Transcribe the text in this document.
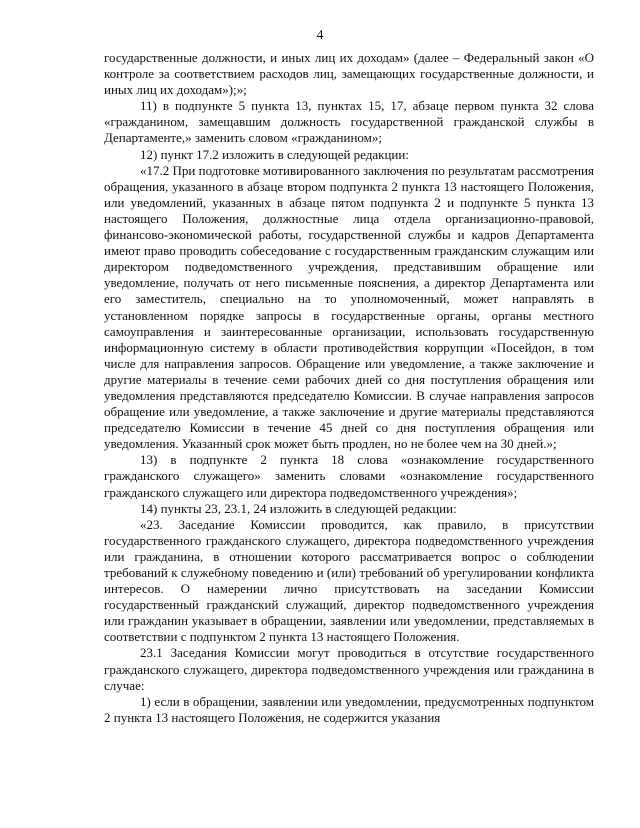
4

государственные должности, и иных лиц их доходам» (далее – Федеральный закон «О контроле за соответствием расходов лиц, замещающих государственные должности, и иных лиц их доходам»);»;

11) в подпункте 5 пункта 13, пунктах 15, 17, абзаце первом пункта 32 слова «гражданином, замещавшим должность государственной гражданской службы в Департаменте,» заменить словом «гражданином»;

12) пункт 17.2 изложить в следующей редакции:

«17.2 При подготовке мотивированного заключения по результатам рассмотрения обращения, указанного в абзаце втором подпункта 2 пункта 13 настоящего Положения, или уведомлений, указанных в абзаце пятом подпункта 2 и подпункте 5 пункта 13 настоящего Положения, должностные лица отдела организационно-правовой, финансово-экономической работы, государственной службы и кадров Департамента имеют право проводить собеседование с государственным гражданским служащим или директором подведомственного учреждения, представившим обращение или уведомление, получать от него письменные пояснения, а директор Департамента или его заместитель, специально на то уполномоченный, может направлять в установленном порядке запросы в государственные органы, органы местного самоуправления и заинтересованные организации, использовать государственную информационную систему в области противодействия коррупции «Посейдон, в том числе для направления запросов. Обращение или уведомление, а также заключение и другие материалы в течение семи рабочих дней со дня поступления обращения или уведомления представляются председателю Комиссии. В случае направления запросов обращение или уведомление, а также заключение и другие материалы представляются председателю Комиссии в течение 45 дней со дня поступления обращения или уведомления. Указанный срок может быть продлен, но не более чем на 30 дней.»;

13) в подпункте 2 пункта 18 слова «ознакомление государственного гражданского служащего» заменить словами «ознакомление государственного гражданского служащего или директора подведомственного учреждения»;

14) пункты 23, 23.1, 24 изложить в следующей редакции:

«23. Заседание Комиссии проводится, как правило, в присутствии государственного гражданского служащего, директора подведомственного учреждения или гражданина, в отношении которого рассматривается вопрос о соблюдении требований к служебному поведению и (или) требований об урегулировании конфликта интересов. О намерении лично присутствовать на заседании Комиссии государственный гражданский служащий, директор подведомственного учреждения или гражданин указывает в обращении, заявлении или уведомлении, представляемых в соответствии с подпунктом 2 пункта 13 настоящего Положения.

23.1 Заседания Комиссии могут проводиться в отсутствие государственного гражданского служащего, директора подведомственного учреждения или гражданина в случае:

1) если в обращении, заявлении или уведомлении, предусмотренных подпунктом 2 пункта 13 настоящего Положения, не содержится указания
